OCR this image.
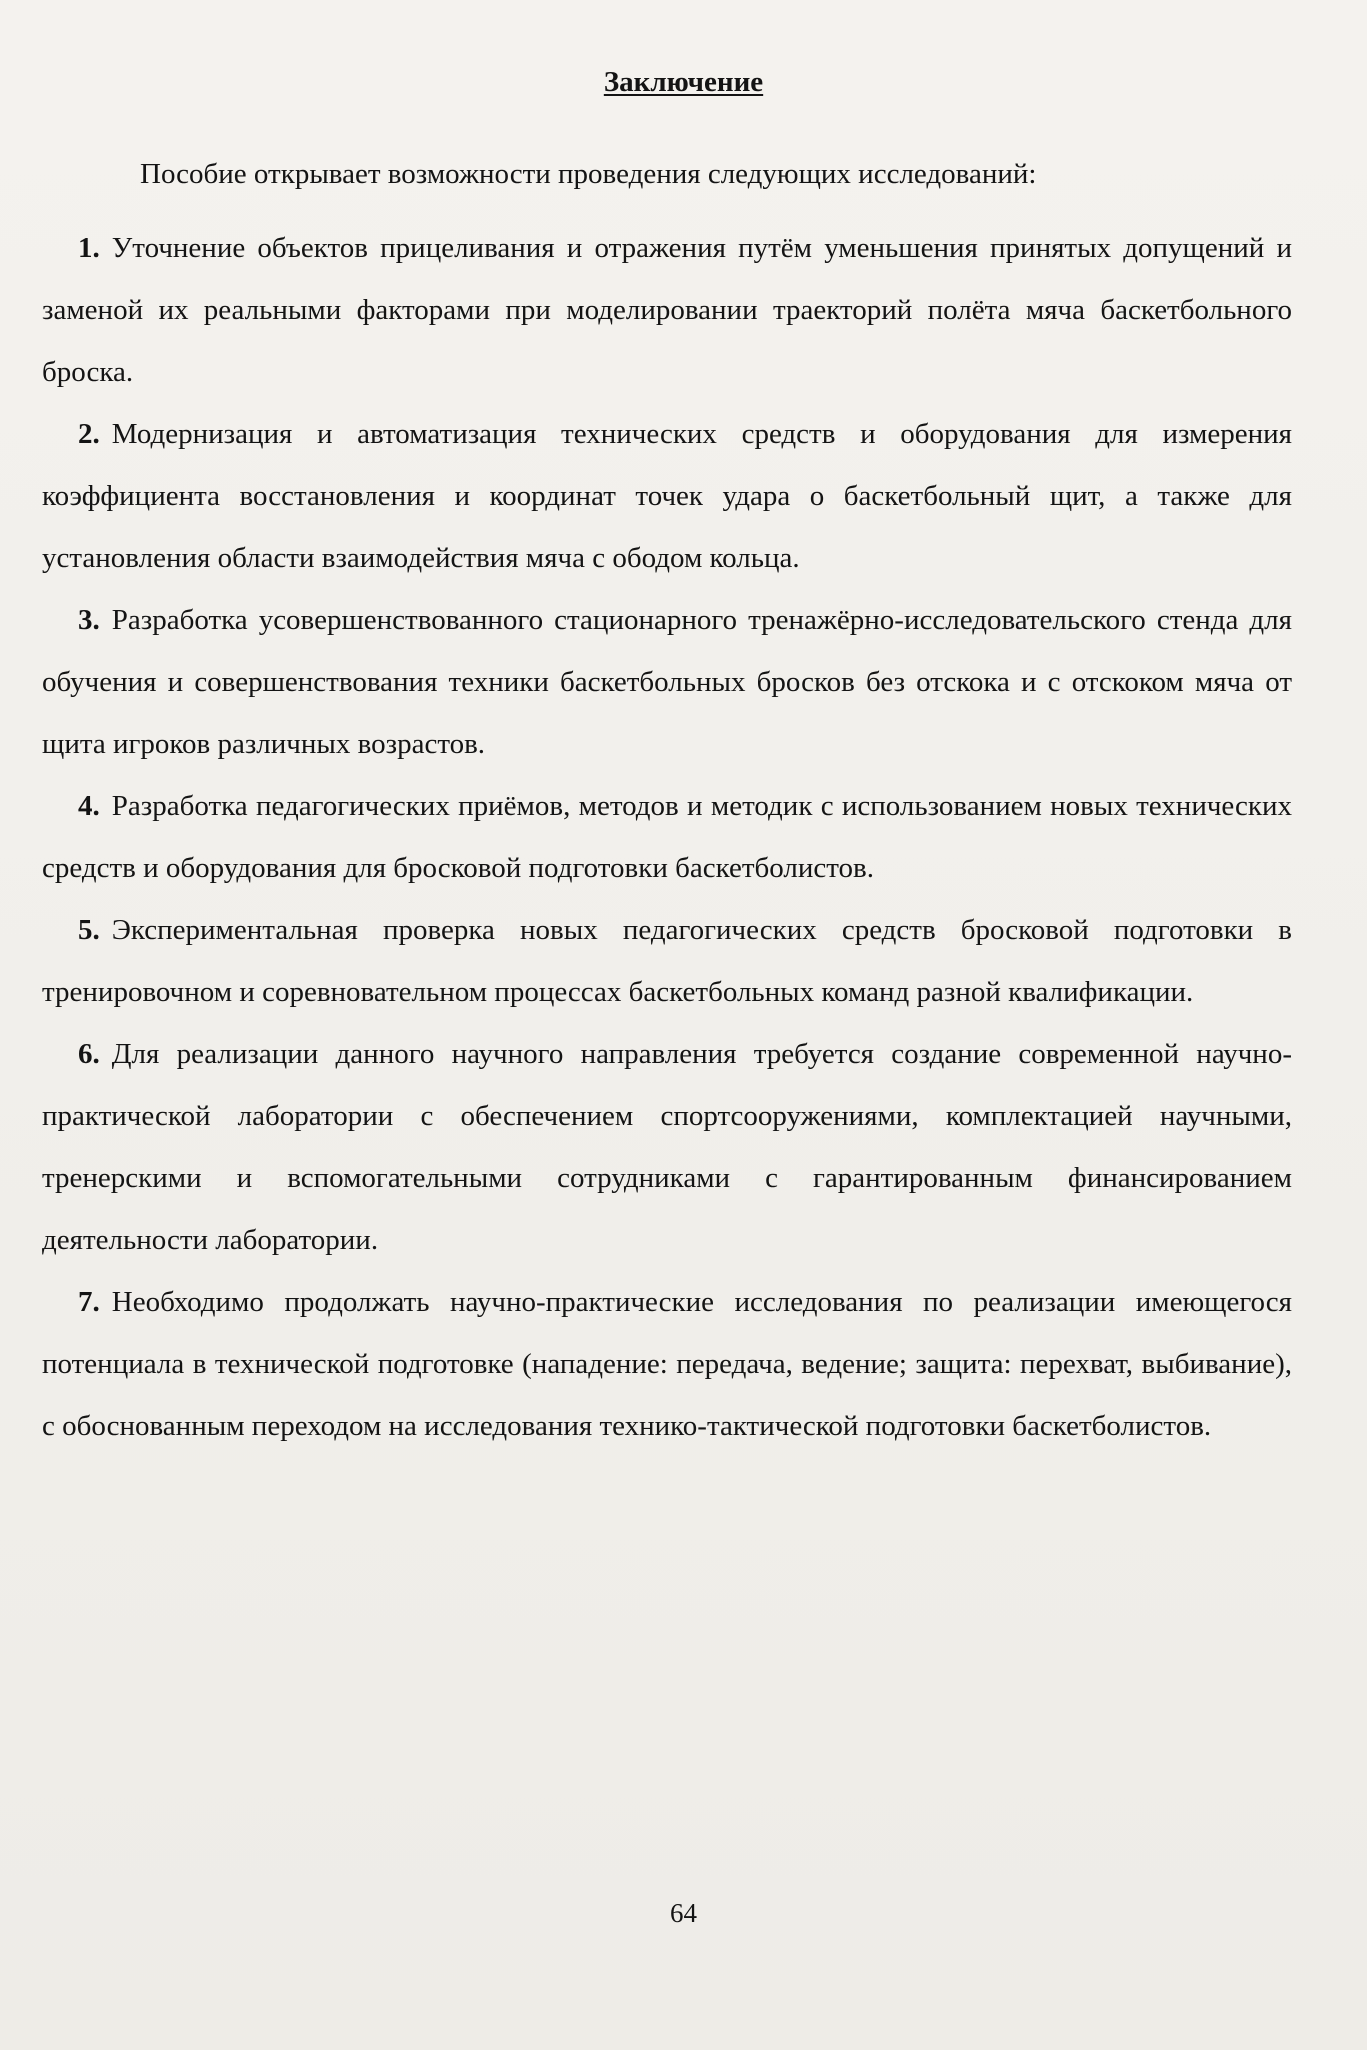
Заключение
Пособие открывает возможности проведения следующих исследований:

1. Уточнение объектов прицеливания и отражения путём уменьшения принятых допущений и заменой их реальными факторами при моделировании траекторий полёта мяча баскетбольного броска.

2. Модернизация и автоматизация технических средств и оборудования для измерения коэффициента восстановления и координат точек удара о баскетбольный щит, а также для установления области взаимодействия мяча с ободом кольца.

3. Разработка усовершенствованного стационарного тренажёрно-исследовательского стенда для обучения и совершенствования техники баскетбольных бросков без отскока и с отскоком мяча от щита игроков различных возрастов.

4. Разработка педагогических приёмов, методов и методик с использованием новых технических средств и оборудования для бросковой подготовки баскетболистов.

5. Экспериментальная проверка новых педагогических средств бросковой подготовки в тренировочном и соревновательном процессах баскетбольных команд разной квалификации.

6. Для реализации данного научного направления требуется создание современной научно-практической лаборатории с обеспечением спортсооружениями, комплектацией научными, тренерскими и вспомогательными сотрудниками с гарантированным финансированием деятельности лаборатории.

7. Необходимо продолжать научно-практические исследования по реализации имеющегося потенциала в технической подготовке (нападение: передача, ведение; защита: перехват, выбивание), с обоснованным переходом на исследования технико-тактической подготовки баскетболистов.

64
